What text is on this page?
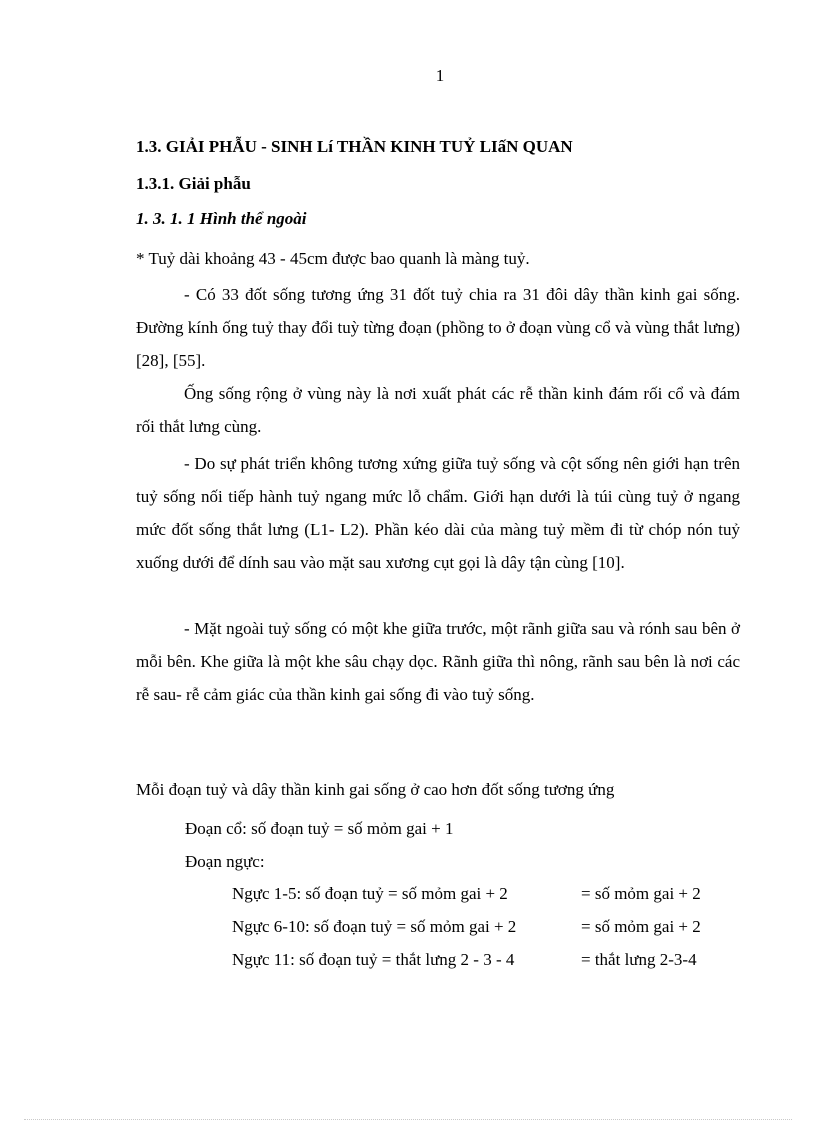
1
1.3. GIẢI PHẪU - SINH Lí THẦN KINH TUỶ LIấN QUAN
1.3.1. Giải phẫu
1. 3. 1. 1 Hình thể ngoài
* Tuỷ dài khoảng 43 - 45cm được bao quanh là màng tuỷ.
- Có 33 đốt sống tương ứng 31 đốt tuỷ chia ra 31 đôi dây thần kinh gai sống. Đường kính ống tuỷ thay đổi tuỳ từng đoạn (phồng to ở đoạn vùng cổ và vùng thắt lưng) [28], [55].
Ống sống rộng ở vùng này là nơi xuất phát các rễ thần kinh đám rối cổ và đám rối thắt lưng cùng.
- Do sự phát triển không tương xứng giữa tuỷ sống và cột sống nên giới hạn trên tuỷ sống nối tiếp hành tuỷ ngang mức lỗ chẩm. Giới hạn dưới là túi cùng tuỷ ở ngang mức đốt sống thắt lưng (L1- L2). Phần kéo dài của màng tuỷ mềm đi từ chóp nón tuỷ xuống dưới để dính sau vào mặt sau xương cụt gọi là dây tận cùng [10].
- Mặt ngoài tuỷ sống có một khe giữa trước, một rãnh giữa sau và rónh sau bên ở mỗi bên. Khe giữa là một khe sâu chạy dọc. Rãnh giữa thì nông, rãnh sau bên là nơi các rễ sau- rễ cảm giác của thần kinh gai sống đi vào tuỷ sống.
Mỗi đoạn tuỷ và dây thần kinh gai sống ở cao hơn đốt sống tương ứng
Đoạn cổ: số đoạn tuỷ = số mỏm gai + 1
Đoạn ngực:
Ngực 1-5: số đoạn tuỷ = số mỏm gai + 2	= số mỏm gai + 2
Ngực 6-10: số đoạn tuỷ = số mỏm gai + 2	= số mỏm gai + 2
Ngực 11: số đoạn tuỷ = thắt lưng 2 - 3 - 4	= thắt lưng 2-3-4
